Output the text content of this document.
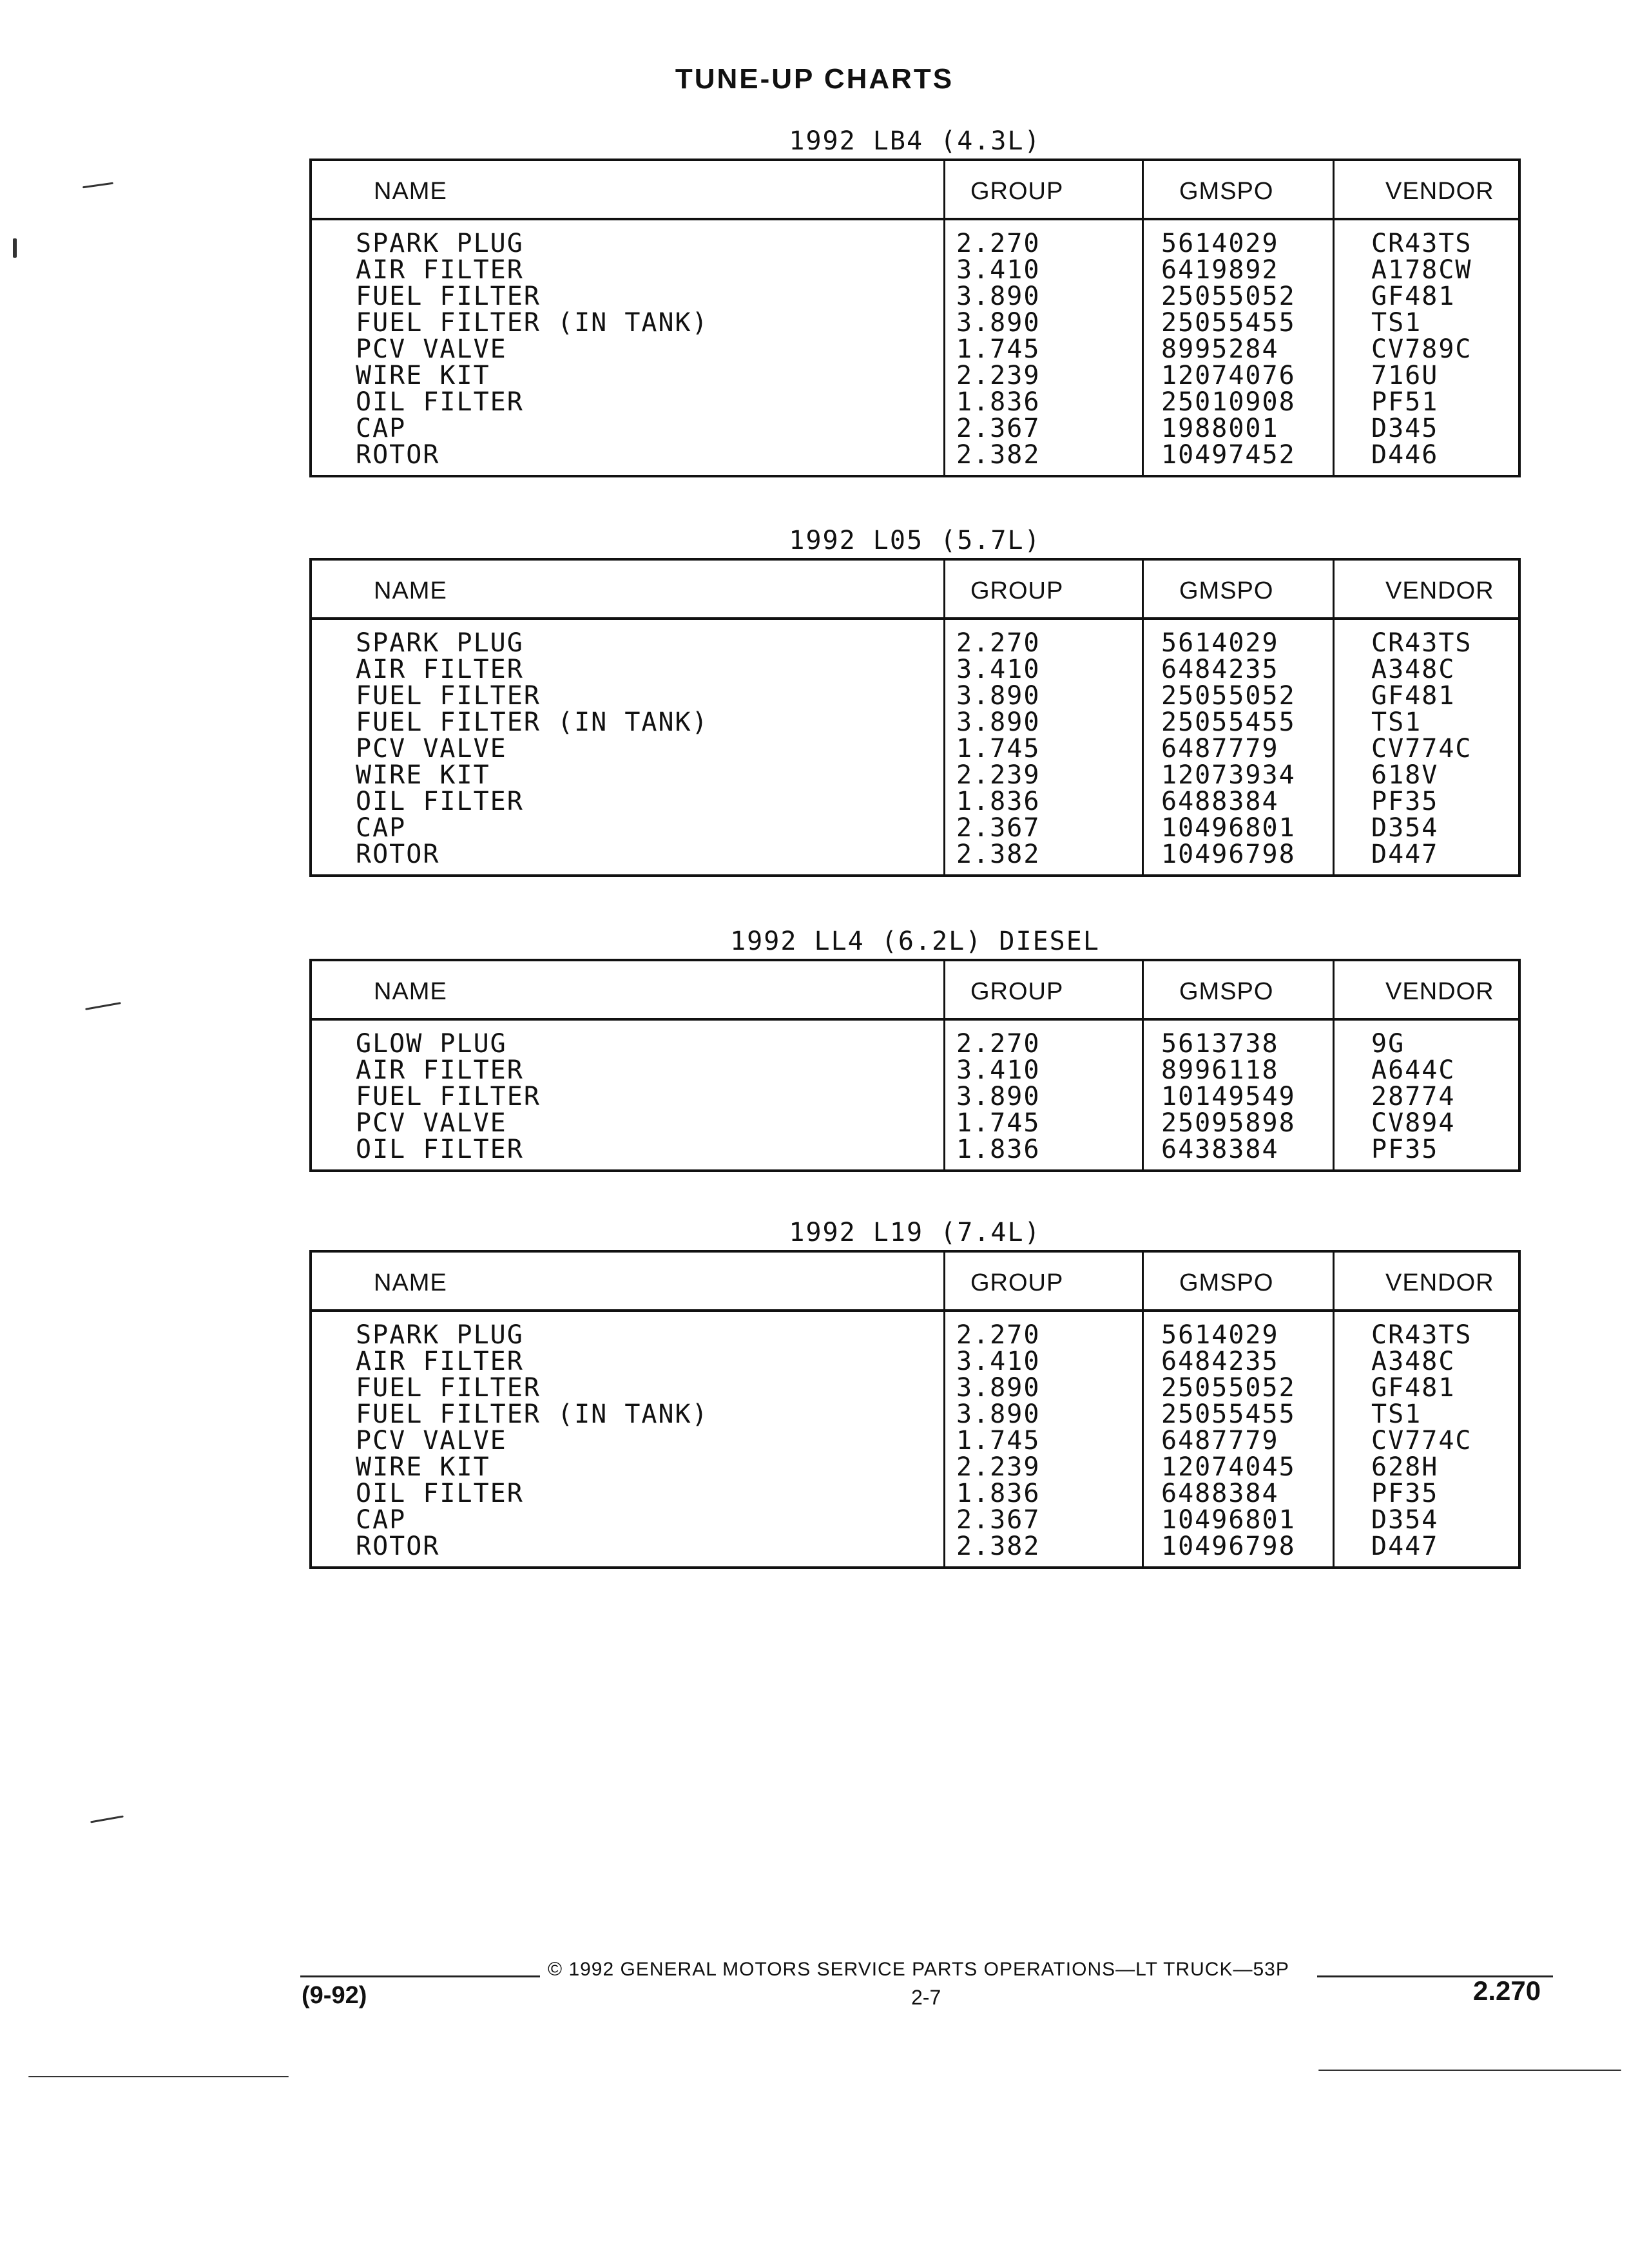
TUNE-UP CHARTS
1992 LB4 (4.3L)
NAME	GROUP	GMSPO	VENDOR
SPARK PLUG	2.270	5614029	CR43TS
AIR FILTER	3.410	6419892	A178CW
FUEL FILTER	3.890	25055052	GF481
FUEL FILTER (IN TANK)	3.890	25055455	TS1
PCV VALVE	1.745	8995284	CV789C
WIRE KIT	2.239	12074076	716U
OIL FILTER	1.836	25010908	PF51
CAP	2.367	1988001	D345
ROTOR	2.382	10497452	D446
1992 L05 (5.7L)
NAME	GROUP	GMSPO	VENDOR
SPARK PLUG	2.270	5614029	CR43TS
AIR FILTER	3.410	6484235	A348C
FUEL FILTER	3.890	25055052	GF481
FUEL FILTER (IN TANK)	3.890	25055455	TS1
PCV VALVE	1.745	6487779	CV774C
WIRE KIT	2.239	12073934	618V
OIL FILTER	1.836	6488384	PF35
CAP	2.367	10496801	D354
ROTOR	2.382	10496798	D447
1992 LL4 (6.2L) DIESEL
NAME	GROUP	GMSPO	VENDOR
GLOW PLUG	2.270	5613738	9G
AIR FILTER	3.410	8996118	A644C
FUEL FILTER	3.890	10149549	28774
PCV VALVE	1.745	25095898	CV894
OIL FILTER	1.836	6438384	PF35
1992 L19 (7.4L)
NAME	GROUP	GMSPO	VENDOR
SPARK PLUG	2.270	5614029	CR43TS
AIR FILTER	3.410	6484235	A348C
FUEL FILTER	3.890	25055052	GF481
FUEL FILTER (IN TANK)	3.890	25055455	TS1
PCV VALVE	1.745	6487779	CV774C
WIRE KIT	2.239	12074045	628H
OIL FILTER	1.836	6488384	PF35
CAP	2.367	10496801	D354
ROTOR	2.382	10496798	D447
© 1992 GENERAL MOTORS SERVICE PARTS OPERATIONS—LT TRUCK—53P
(9-92)	2-7	2.270
